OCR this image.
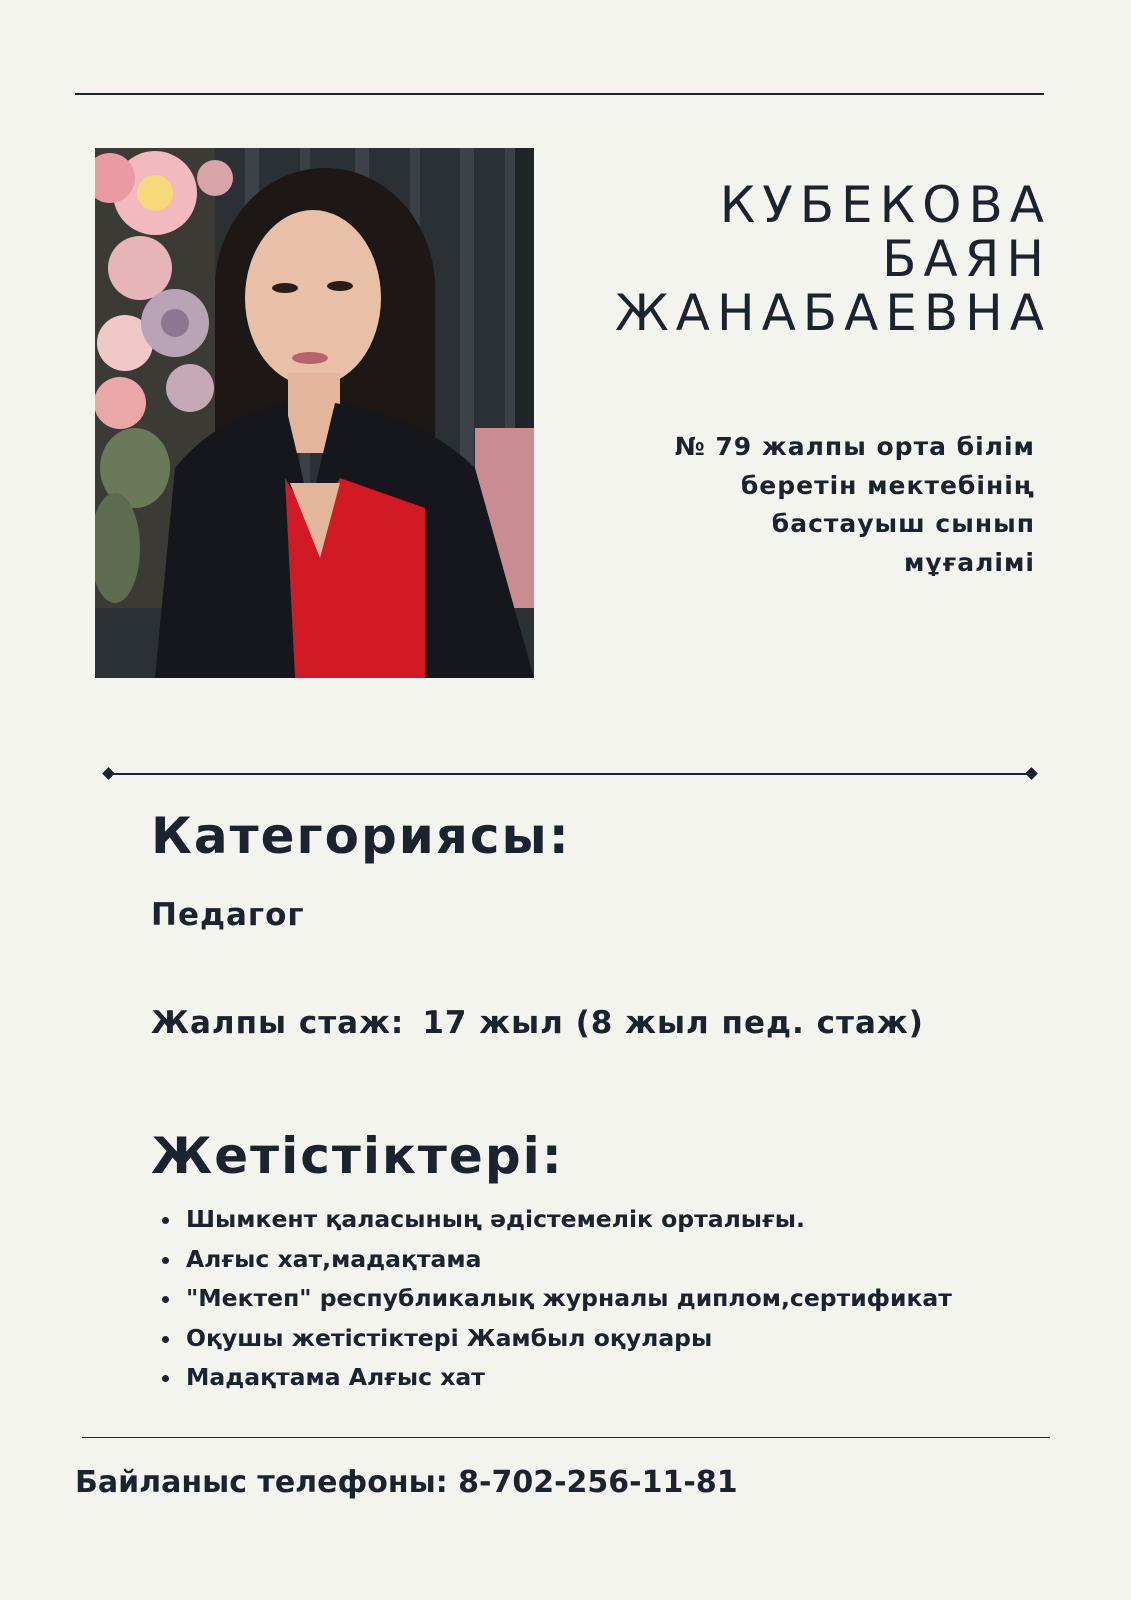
КУБЕКОВА
БАЯН
ЖАНАБАЕВНА
№ 79 жалпы орта білім
беретін мектебінің
бастауыш сынып
мұғалімі
Категориясы:
Педагог
Жалпы стаж: 17 жыл (8 жыл пед. стаж)
Жетістіктері:
Шымкент қаласының әдістемелік орталығы.
Алғыс хат,мадақтама
"Мектеп" республикалық журналы диплом,сертификат
Оқушы жетістіктері Жамбыл оқулары
Мадақтама Алғыс хат
Байланыс телефоны: 8-702-256-11-81
